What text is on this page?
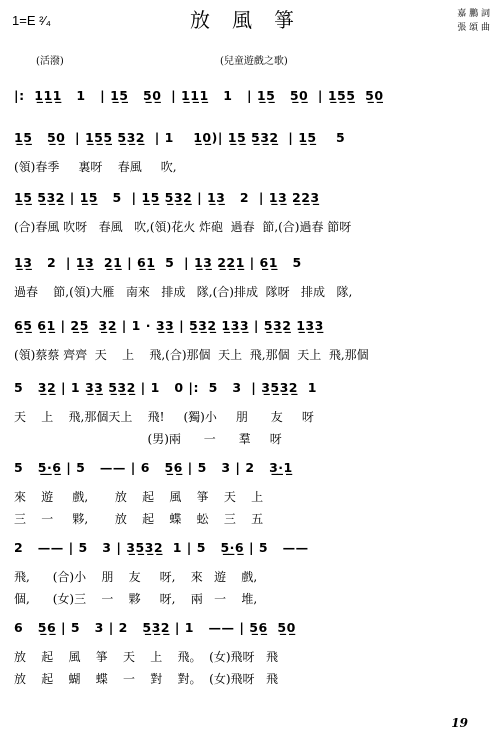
1=E ²⁄₄	放風箏	嘉 鵬 詞
張 頌 曲
(活潑)	(兒童遊戲之歌)
|:  1̲1̲1̲   1   | 1̲5̲   5̲0̲  | 1̲1̲1̲   1   | 1̲5̲   5̲0̲  | 1̲5̲5̲  5̲0̲
1̲5̲   5̲0̲  | 1̲5̲5̲ 5̲3̲2̲  | 1    1̲0̲)| 1̲5̲ 5̲3̲2̲  | 1̲5̲    5
(領)春季     裏呀    春風     吹,
1̲5̲ 5̲3̲2̲ | 1̲5̲   5  | 1̲5̲ 5̲3̲2̲ | 1̲3̲   2  | 1̲3̲ 2̲2̲3̲
(合)春風 吹呀   春風   吹,(領)花火 炸砲  過春  節,(合)過春 節呀
1̲3̲   2  | 1̲3̲  2̲1̲ | 6̲1̲  5  | 1̲3̲ 2̲2̲1̲ | 6̲1̲   5
過春    節,(領)大雁   南來   排成   隊,(合)排成  隊呀   排成   隊,
6̲5̲ 6̲1̲ | 2̲5̲  3̲2̲ | 1 · 3̲3̲ | 5̲3̲2̲ 1̲3̲3̲ | 5̲3̲2̲ 1̲3̲3̲
(領)蔡蔡 齊齊  天    上    飛,(合)那個  天上  飛,那個  天上  飛,那個
5   3̲2̲ | 1 3̲3̲ 5̲3̲2̲ | 1   0 |:  5   3  | 3̲5̲3̲2̲  1
天    上    飛,那個天上    飛!     (獨)小     朋      友     呀
(男)兩      一      羣     呀
5   5̲·̲6̲ | 5   —— | 6   5̲6̲ | 5   3 | 2   3̲·̲1̲
來    遊     戲,       放    起    風    箏    天    上
三    一     夥,       放    起    蝶    蚣    三    五
2   —— | 5   3 | 3̲5̲3̲2̲  1 | 5   5̲·̲6̲ | 5   ——
飛,      (合)小    朋    友     呀,    來   遊    戲,
個,      (女)三    一    夥     呀,    兩   一    堆,
6   5̲6̲ | 5   3 | 2   5̲3̲2̲ | 1   —— | 5̲6̲  5̲0̲
放    起    風    箏    天    上    飛。  (女)飛呀   飛
放    起    蝴    蝶    一    對    對。  (女)飛呀   飛
19
